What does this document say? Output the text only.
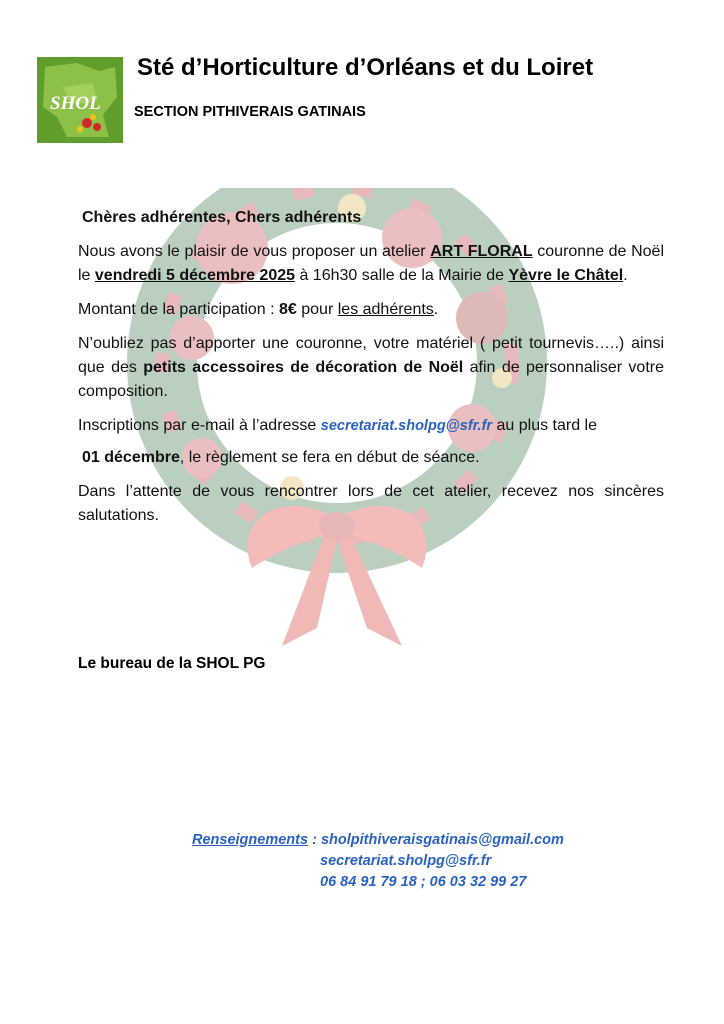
SHOL
Sté d’Horticulture d’Orléans et du Loiret
SECTION PITHIVERAIS GATINAIS

Chères adhérentes, Chers adhérents

Nous avons le plaisir de vous proposer un atelier ART FLORAL couronne de Noël le vendredi 5 décembre 2025 à 16h30 salle de la Mairie de Yèvre le Châtel.

Montant de la participation : 8€ pour les adhérents.

N’oubliez pas d’apporter une couronne, votre matériel ( petit tournevis…..) ainsi que des petits accessoires de décoration de Noël afin de personnaliser votre composition.

Inscriptions par e-mail à l’adresse secretariat.sholpg@sfr.fr au plus tard le

01 décembre, le règlement se fera en début de séance.

Dans l’attente de vous rencontrer lors de cet atelier, recevez nos sincères salutations.

Le bureau de la SHOL PG
Renseignements : sholpithiveraisgatinais@gmail.com
secretariat.sholpg@sfr.fr
06 84 91 79 18 ; 06 03 32 99 27
